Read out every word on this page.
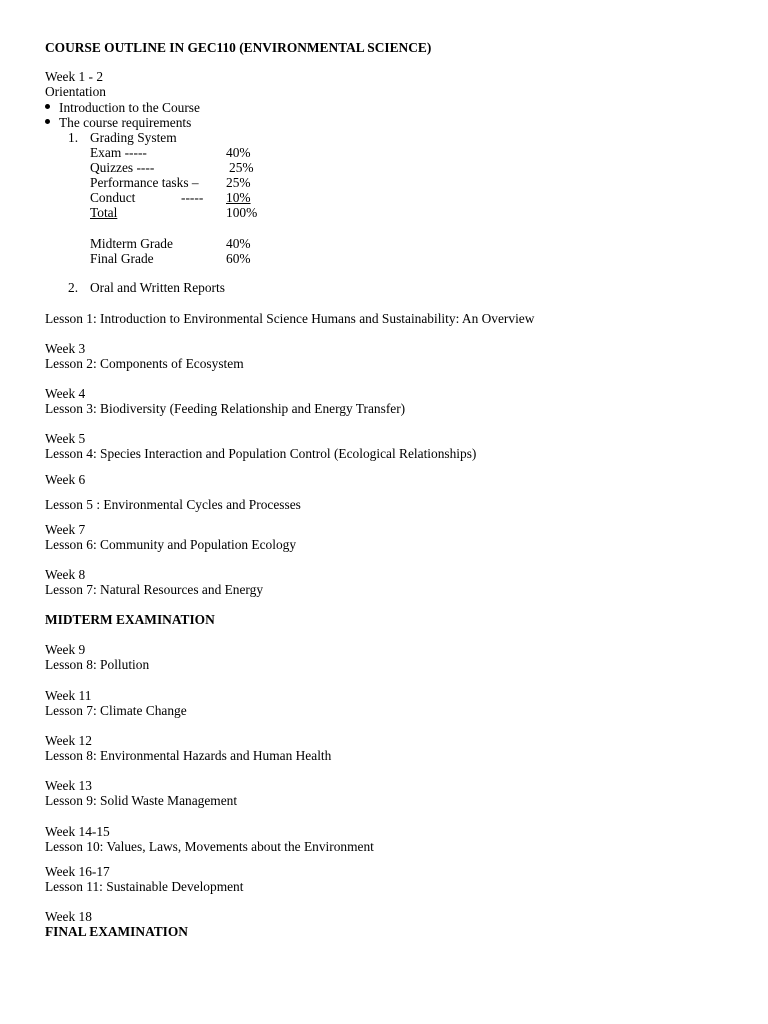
COURSE OUTLINE IN GEC110 (ENVIRONMENTAL SCIENCE)
Week 1 - 2
Orientation
Introduction to the Course
The course requirements
1. Grading System
Exam -----	40%
Quizzes ----	25%
Performance tasks – 25%
Conduct	----- 10%
Total	100%
Midterm Grade	40%
Final Grade	60%
2. Oral and Written Reports
Lesson 1: Introduction to Environmental Science Humans and Sustainability: An Overview
Week 3
Lesson 2: Components of Ecosystem
Week 4
Lesson 3: Biodiversity (Feeding Relationship and Energy Transfer)
Week 5
Lesson 4: Species Interaction and Population Control (Ecological Relationships)
Week 6
Lesson 5 : Environmental Cycles and Processes
Week 7
Lesson 6: Community and Population Ecology
Week 8
Lesson 7: Natural Resources and Energy
MIDTERM EXAMINATION
Week 9
Lesson 8: Pollution
Week 11
Lesson 7: Climate Change
Week 12
Lesson 8: Environmental Hazards and Human Health
Week 13
Lesson 9: Solid Waste Management
Week 14-15
Lesson 10: Values, Laws, Movements about the Environment
Week 16-17
Lesson 11: Sustainable Development
Week 18
FINAL EXAMINATION
